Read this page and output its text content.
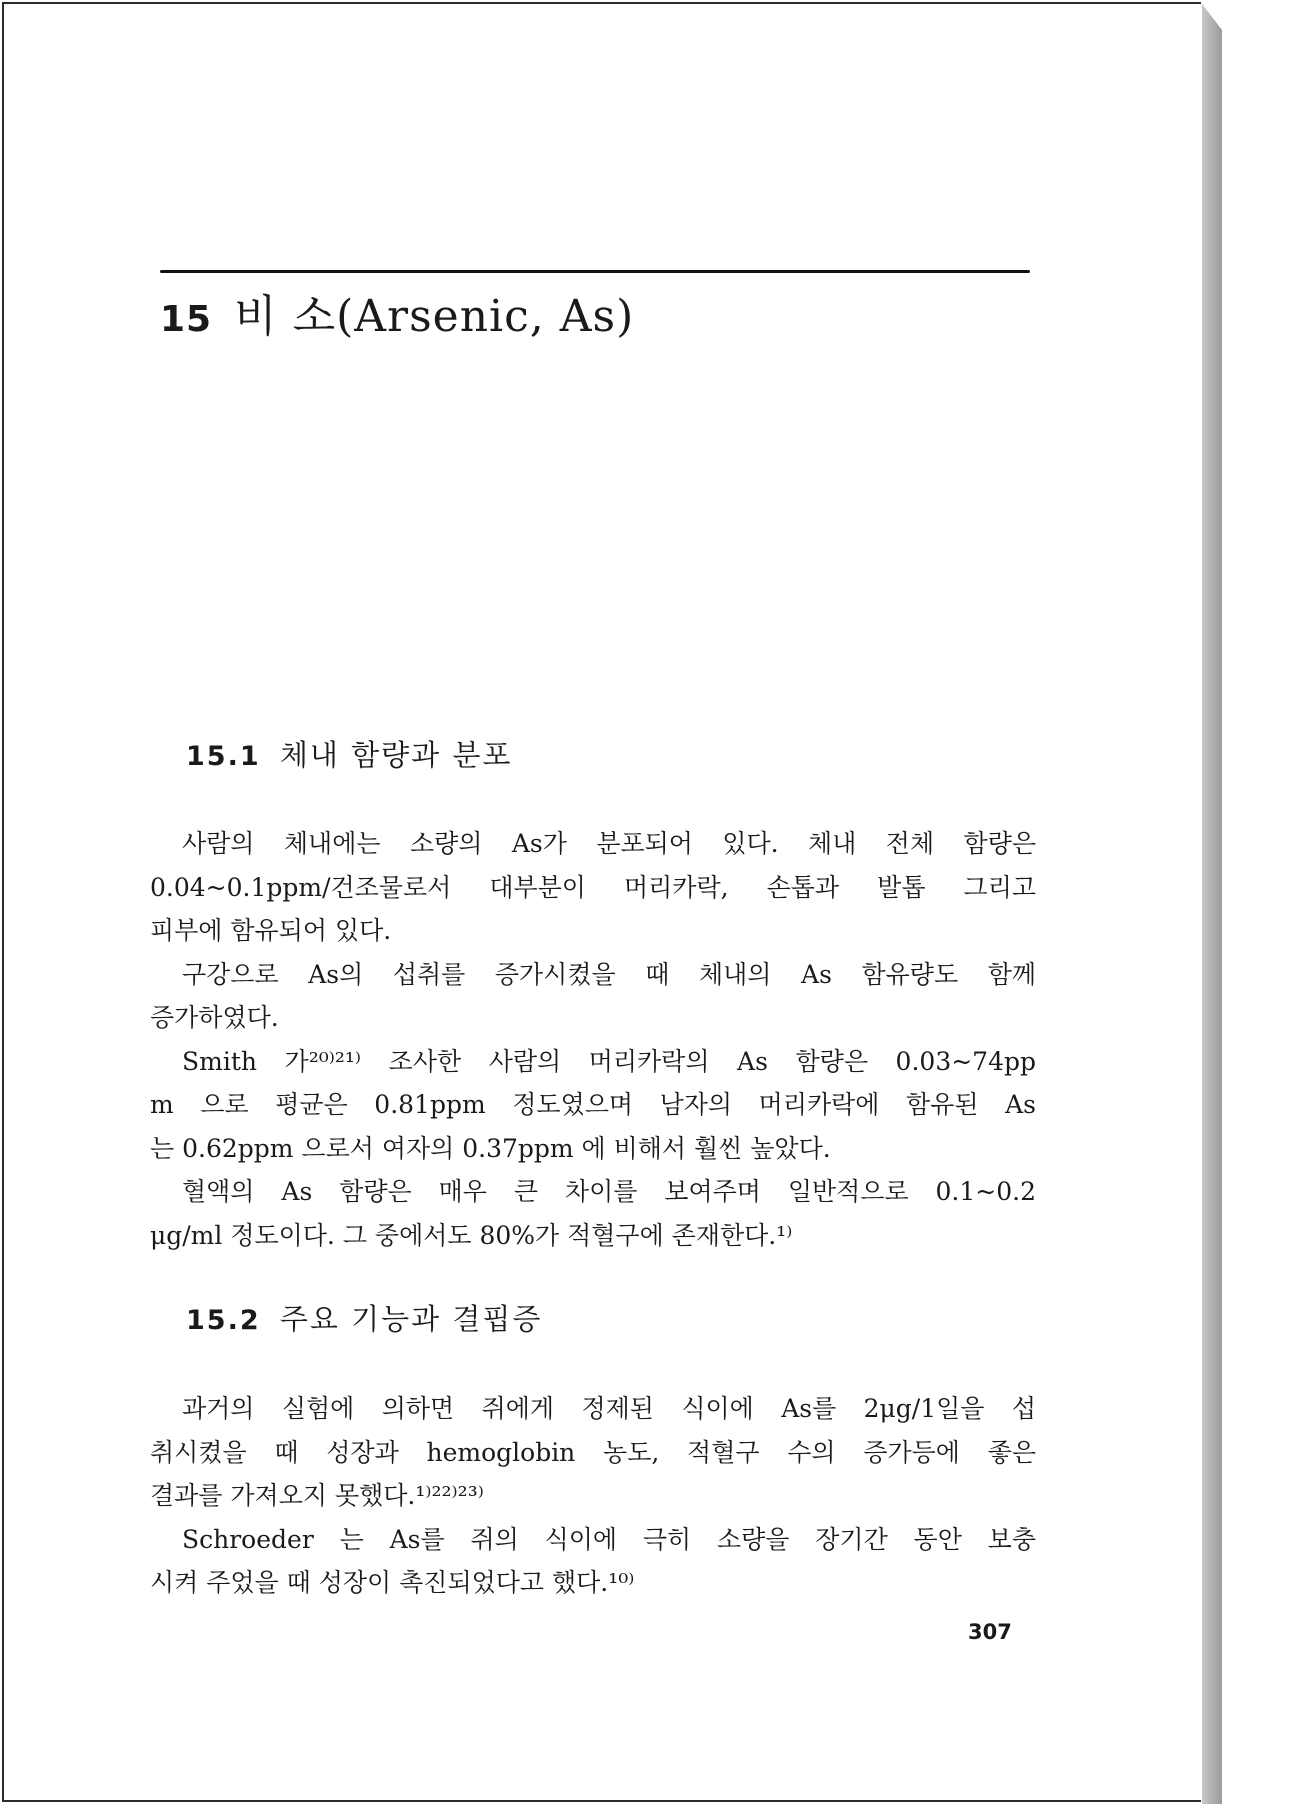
15 비 소(Arsenic, As)
15.1 체내 함량과 분포
사람의 체내에는 소량의 As가 분포되어 있다. 체내 전체 함량은
0.04~0.1ppm/건조물로서 대부분이 머리카락, 손톱과 발톱 그리고
피부에 함유되어 있다.
구강으로 As의 섭취를 증가시켰을 때 체내의 As 함유량도 함께
증가하였다.
Smith 가²⁰⁾²¹⁾ 조사한 사람의 머리카락의 As 함량은 0.03~74pp
m 으로 평균은 0.81ppm 정도였으며 남자의 머리카락에 함유된 As
는 0.62ppm 으로서 여자의 0.37ppm 에 비해서 훨씬 높았다.
혈액의 As 함량은 매우 큰 차이를 보여주며 일반적으로 0.1~0.2
μg/ml 정도이다. 그 중에서도 80%가 적혈구에 존재한다.¹⁾
15.2 주요 기능과 결핍증
과거의 실험에 의하면 쥐에게 정제된 식이에 As를 2μg/1일을 섭
취시켰을 때 성장과 hemoglobin 농도, 적혈구 수의 증가등에 좋은
결과를 가져오지 못했다.¹⁾²²⁾²³⁾
Schroeder 는 As를 쥐의 식이에 극히 소량을 장기간 동안 보충
시켜 주었을 때 성장이 촉진되었다고 했다.¹⁰⁾
307
